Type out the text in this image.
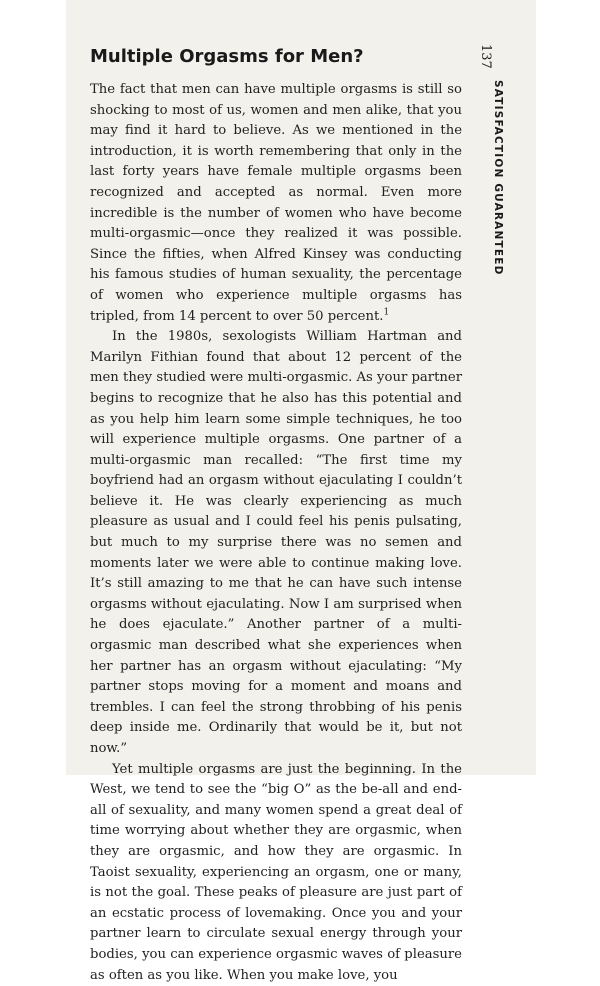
Multiple Orgasms for Men?	137
SATISFACTION GUARANTEED

The fact that men can have multiple orgasms is still so shocking to most of us, women and men alike, that you may find it hard to believe. As we mentioned in the introduction, it is worth remembering that only in the last forty years have female multiple orgasms been recognized and accepted as normal. Even more incredible is the number of women who have become multi-orgasmic—once they realized it was possible. Since the fifties, when Alfred Kinsey was conducting his famous studies of human sexuality, the percentage of women who experience multiple orgasms has tripled, from 14 percent to over 50 percent.$^1$

In the 1980s, sexologists William Hartman and Marilyn Fithian found that about 12 percent of the men they studied were multi-orgasmic. As your partner begins to recognize that he also has this potential and as you help him learn some simple techniques, he too will experience multiple orgasms. One partner of a multi-orgasmic man recalled: “The first time my boyfriend had an orgasm without ejaculating I couldn’t believe it. He was clearly experiencing as much pleasure as usual and I could feel his penis pulsating, but much to my surprise there was no semen and moments later we were able to continue making love. It’s still amazing to me that he can have such intense orgasms without ejaculating. Now I am surprised when he does ejaculate.” Another partner of a multi-orgasmic man described what she experiences when her partner has an orgasm without ejaculating: “My partner stops moving for a moment and moans and trembles. I can feel the strong throbbing of his penis deep inside me. Ordinarily that would be it, but not now.”

Yet multiple orgasms are just the beginning. In the West, we tend to see the “big O” as the be-all and end-all of sexuality, and many women spend a great deal of time worrying about whether they are orgasmic, when they are orgasmic, and how they are orgasmic. In Taoist sexuality, experiencing an orgasm, one or many, is not the goal. These peaks of pleasure are just part of an ecstatic process of lovemaking. Once you and your partner learn to circulate sexual energy through your bodies, you can experience orgasmic waves of pleasure as often as you like. When you make love, you
